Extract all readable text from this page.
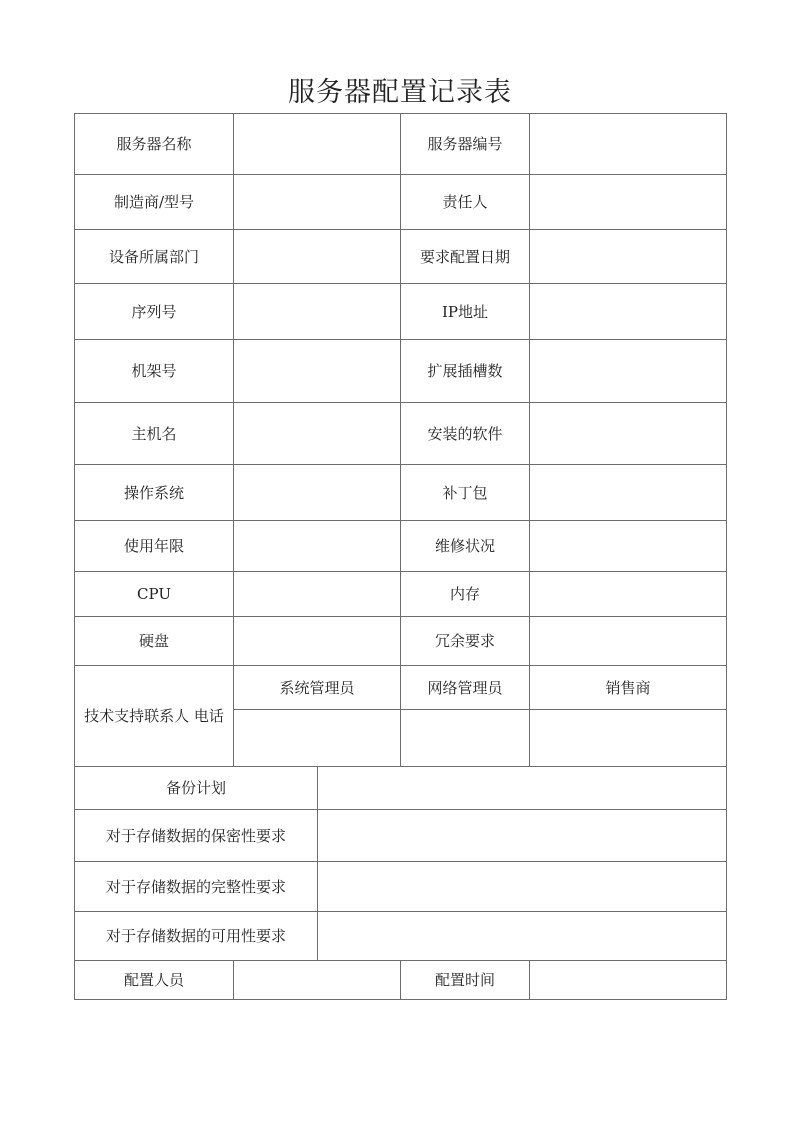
服务器配置记录表
服务器名称	服务器编号
制造商/型号	责任人
设备所属部门	要求配置日期
序列号	IP地址
机架号	扩展插槽数
主机名	安装的软件
操作系统	补丁包
使用年限	维修状况
CPU	内存
硬盘	冗余要求
技术支持联系人 电话
系统管理员	网络管理员	销售商
备份计划
对于存储数据的保密性要求
对于存储数据的完整性要求
对于存储数据的可用性要求
配置人员	配置时间
